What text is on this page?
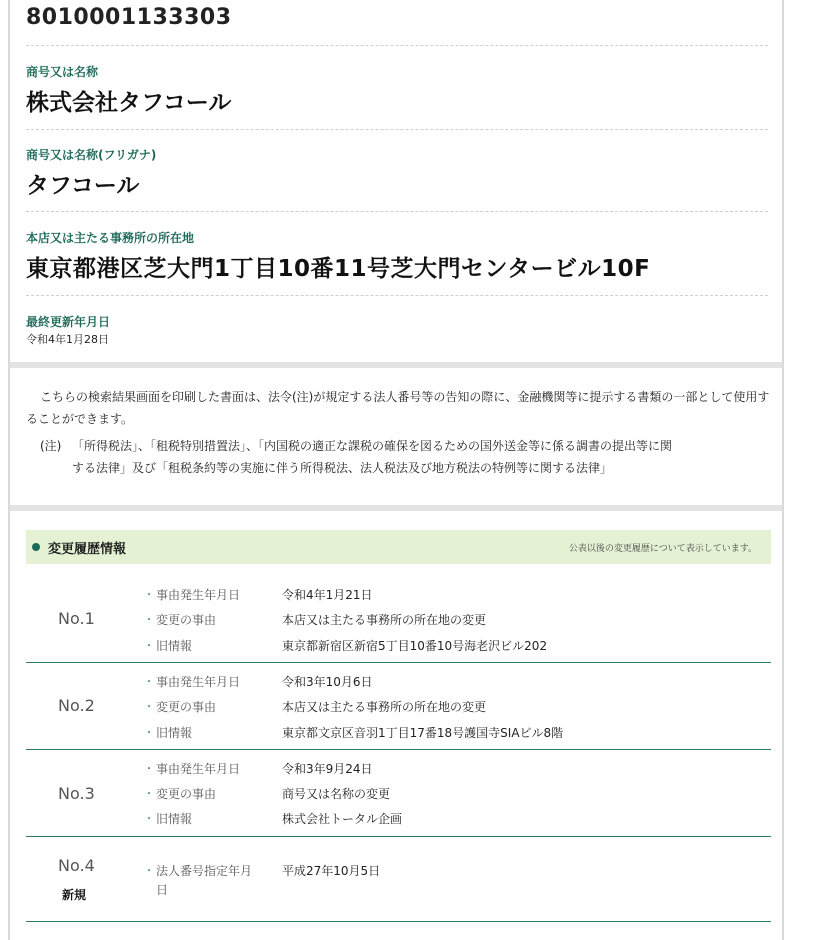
8010001133303
商号又は名称
株式会社タフコール
商号又は名称(フリガナ)
タフコール
本店又は主たる事務所の所在地
東京都港区芝大門1丁目10番11号芝大門センタービル10F
最終更新年月日
令和4年1月28日

こちらの検索結果画面を印刷した書面は、法令(注)が規定する法人番号等の告知の際に、金融機関等に提示する書類の一部として使用することができます。

(注) 「所得税法」、「租税特別措置法」、「内国税の適正な課税の確保を図るための国外送金等に係る調書の提出等に関
する法律」及び「租税条約等の実施に伴う所得税法、法人税法及び地方税法の特例等に関する法律」
変更履歴情報	公表以後の変更履歴について表示しています。
No.1
・ 事由発生年月日	令和4年1月21日
・ 変更の事由	本店又は主たる事務所の所在地の変更
・ 旧情報	東京都新宿区新宿5丁目10番10号海老沢ビル202
No.2
・ 事由発生年月日	令和3年10月6日
・ 変更の事由	本店又は主たる事務所の所在地の変更
・ 旧情報	東京都文京区音羽1丁目17番18号護国寺SIAビル8階
No.3
・ 事由発生年月日	令和3年9月24日
・ 変更の事由	商号又は名称の変更
・ 旧情報	株式会社トータル企画
No.4
新規
・ 法人番号指定年月
日
平成27年10月5日
